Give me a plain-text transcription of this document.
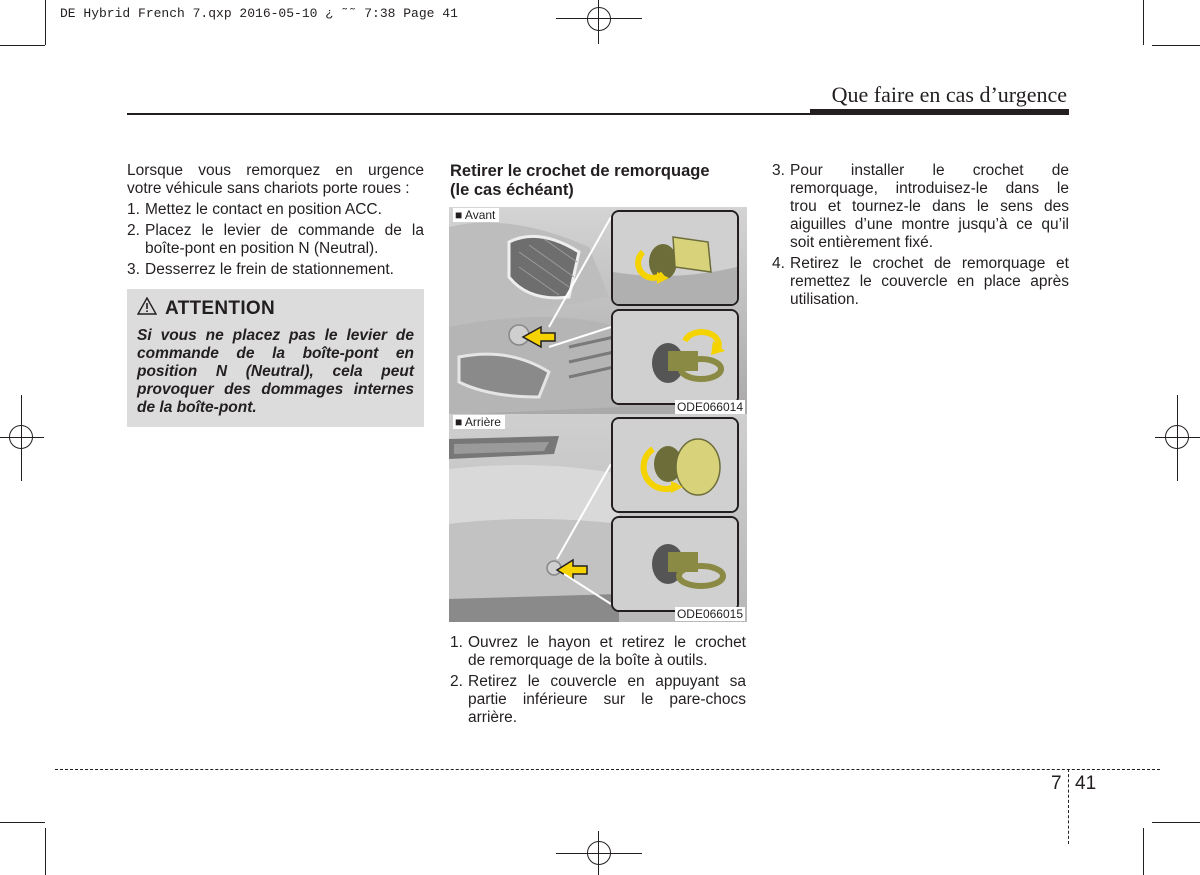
DE Hybrid French 7.qxp 2016-05-10 ¿ ˜˜ 7:38 Page 41
Que faire en cas d’urgence
Lorsque vous remorquez en urgence
votre véhicule sans chariots porte roues :
1. Mettez le contact en position ACC.
2. Placez le levier de commande de la
boîte-pont en position N (Neutral).
3. Desserrez le frein de stationnement.
ATTENTION
Si vous ne placez pas le levier de
commande de la boîte-pont en
position N (Neutral), cela peut
provoquer des dommages internes
de la boîte-pont.
Retirer le crochet de remorquage
(le cas échéant)
■ Avant
ODE066014
■ Arrière
ODE066015
1. Ouvrez le hayon et retirez le crochet
de remorquage de la boîte à outils.
2. Retirez le couvercle en appuyant sa
partie inférieure sur le pare-chocs
arrière.
3. Pour installer le crochet de
remorquage, introduisez-le dans le
trou et tournez-le dans le sens des
aiguilles d’une montre jusqu’à ce qu’il
soit entièrement fixé.
4. Retirez le crochet de remorquage et
remettez le couvercle en place après
utilisation.
7 41
